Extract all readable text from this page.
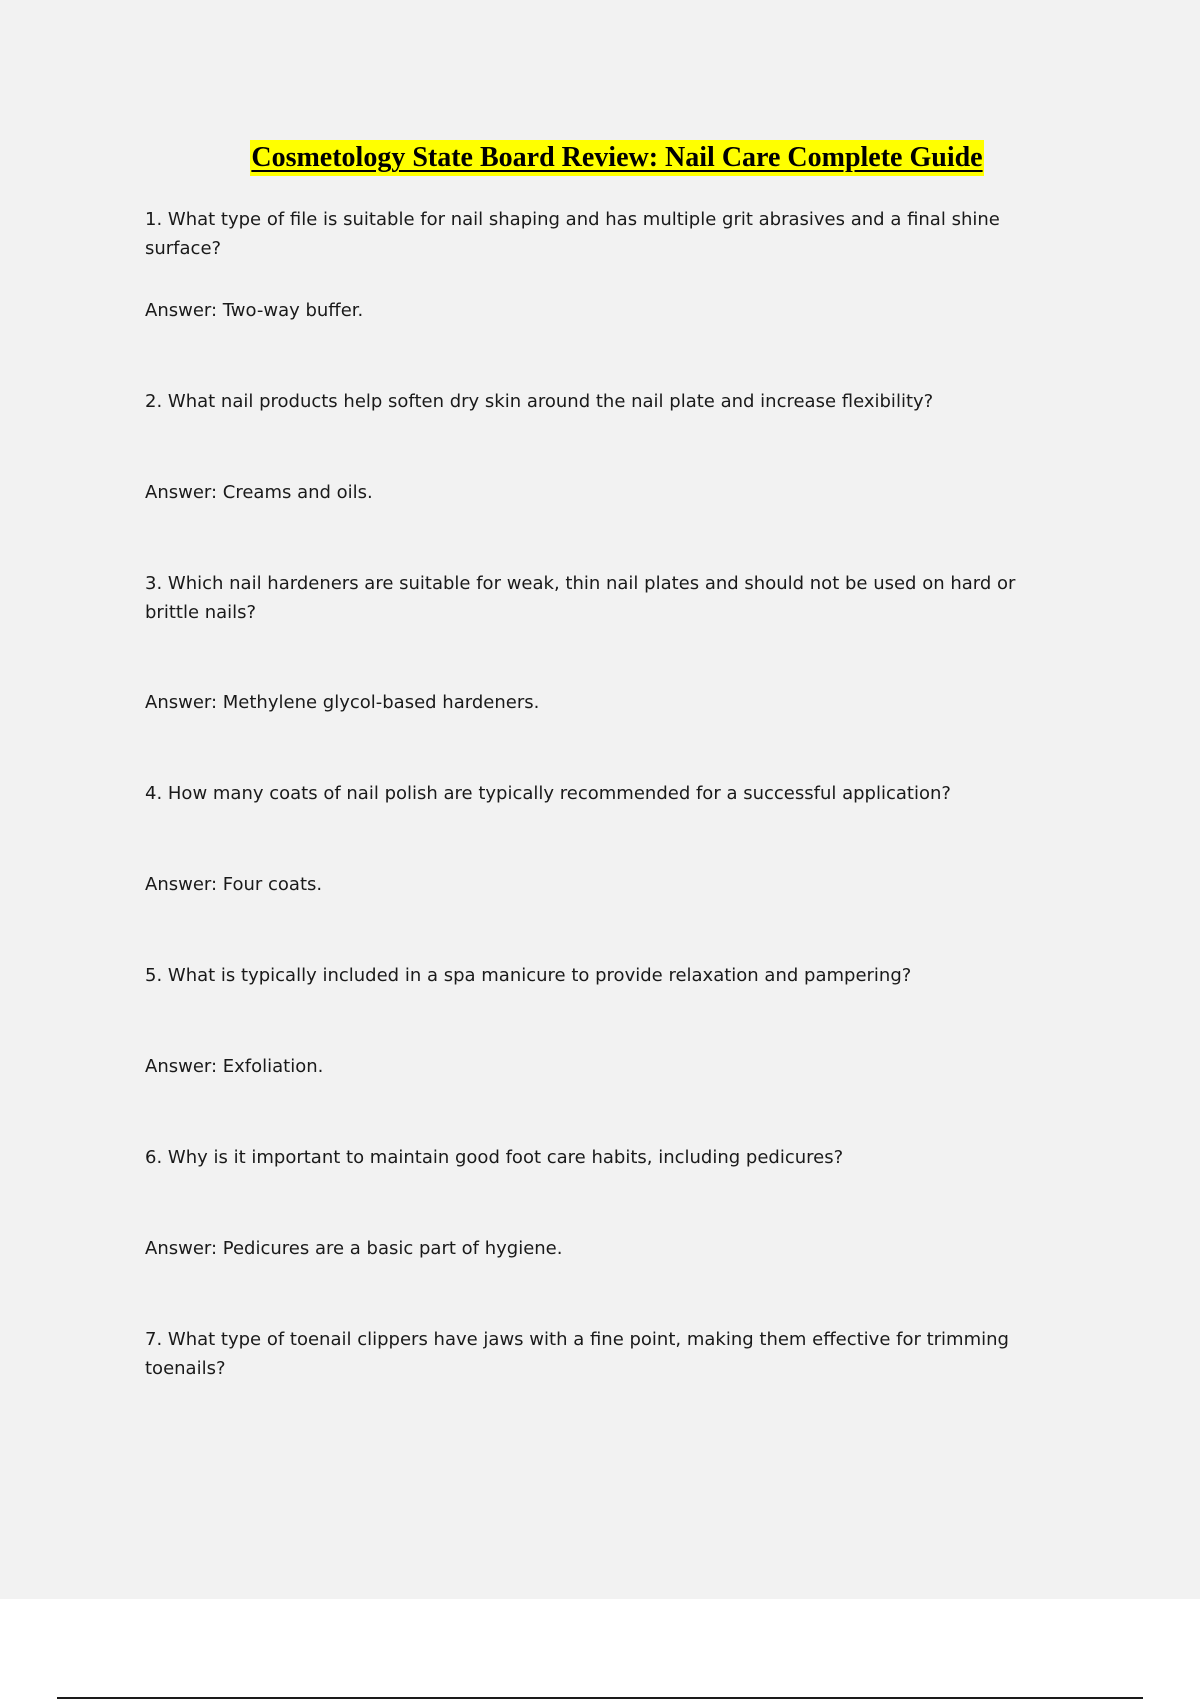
Cosmetology State Board Review: Nail Care Complete Guide

1. What type of file is suitable for nail shaping and has multiple grit abrasives and a final shine surface?

Answer: Two-way buffer.

2. What nail products help soften dry skin around the nail plate and increase flexibility?

Answer: Creams and oils.

3. Which nail hardeners are suitable for weak, thin nail plates and should not be used on hard or brittle nails?

Answer: Methylene glycol-based hardeners.

4. How many coats of nail polish are typically recommended for a successful application?

Answer: Four coats.

5. What is typically included in a spa manicure to provide relaxation and pampering?

Answer: Exfoliation.

6. Why is it important to maintain good foot care habits, including pedicures?

Answer: Pedicures are a basic part of hygiene.

7. What type of toenail clippers have jaws with a fine point, making them effective for trimming toenails?
